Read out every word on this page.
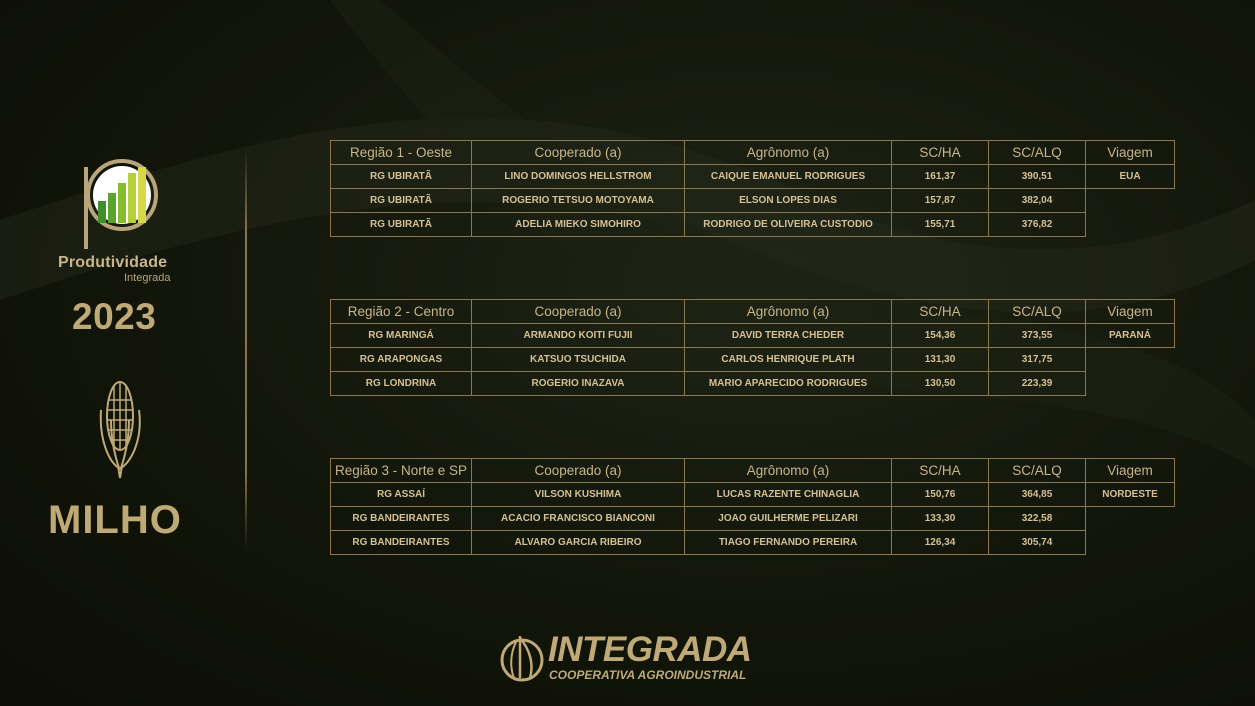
Produtividade
Integrada
2023
MILHO
Região 1 - Oeste	Cooperado (a)	Agrônomo (a)	SC/HA	SC/ALQ	Viagem
RG UBIRATÃ	LINO DOMINGOS HELLSTROM	CAIQUE EMANUEL RODRIGUES	161,37	390,51	EUA
RG UBIRATÃ	ROGERIO TETSUO MOTOYAMA	ELSON LOPES DIAS	157,87	382,04	
RG UBIRATÃ	ADELIA MIEKO SIMOHIRO	RODRIGO DE OLIVEIRA CUSTODIO	155,71	376,82	
Região 2 - Centro	Cooperado (a)	Agrônomo (a)	SC/HA	SC/ALQ	Viagem
RG MARINGÁ	ARMANDO KOITI FUJII	DAVID TERRA CHEDER	154,36	373,55	PARANÁ
RG ARAPONGAS	KATSUO TSUCHIDA	CARLOS HENRIQUE PLATH	131,30	317,75	
RG LONDRINA	ROGERIO INAZAVA	MARIO APARECIDO RODRIGUES	130,50	223,39	
Região 3 - Norte e SP	Cooperado (a)	Agrônomo (a)	SC/HA	SC/ALQ	Viagem
RG ASSAÍ	VILSON KUSHIMA	LUCAS RAZENTE CHINAGLIA	150,76	364,85	NORDESTE
RG BANDEIRANTES	ACACIO FRANCISCO BIANCONI	JOAO GUILHERME PELIZARI	133,30	322,58	
RG BANDEIRANTES	ALVARO GARCIA RIBEIRO	TIAGO FERNANDO PEREIRA	126,34	305,74	
INTEGRADA
COOPERATIVA AGROINDUSTRIAL
